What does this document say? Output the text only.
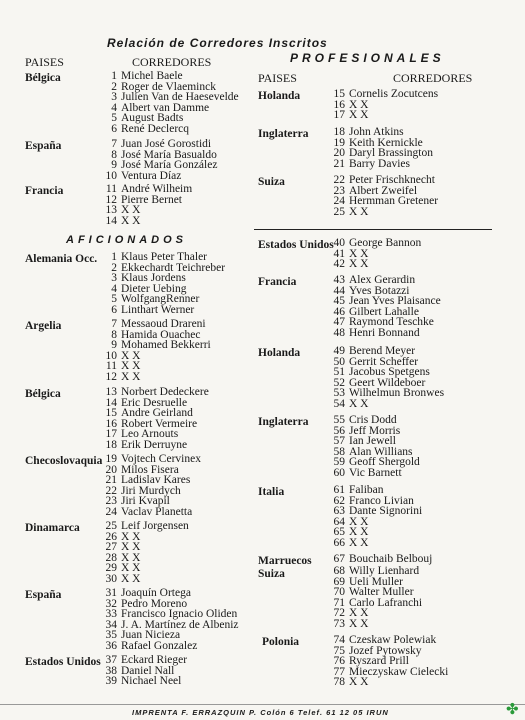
Relación de Corredores Inscritos
PROFESIONALES
PAISES	CORREDORES
PAISES	CORREDORES
Bélgica	1 Michel Baele
2 Roger de Vlaeminck
3 Julien Van de Haesevelde
4 Albert van Damme
5 August Badts
6 René Declercq
España	7 Juan José Gorostidi
8 José María Basualdo
9 José María González
10 Ventura Díaz
Francia	11 André Wilheim
12 Pierre Bernet
13 X X
14 X X
AFICIONADOS
Alemania Occ.	1 Klaus Peter Thaler
2 Ekkechardt Teichreber
3 Klaus Jordens
4 Dieter Uebing
5 WolfgangRenner
6 Linthart Werner
Argelia	7 Messaoud Drareni
8 Hamida Ouachec
9 Mohamed Bekkerri
10 X X
11 X X
12 X X
Bélgica	13 Norbert Dedeckere
14 Eric Desruelle
15 Andre Geirland
16 Robert Vermeire
17 Leo Arnouts
18 Erik Derruyne
Checoslovaquia 19 Vojtech Cervinex
20 Milos Fisera
21 Ladislav Kares
22 Jiri Murdych
23 Jiri Kvapil
24 Vaclav Planetta
Dinamarca	25 Leif Jorgensen
26 X X
27 X X
28 X X
29 X X
30 X X
España	31 Joaquín Ortega
32 Pedro Moreno
33 Francisco Ignacio Oliden
34 J. A. Martínez de Albeniz
35 Juan Nicieza
36 Rafael Gonzalez
Estados Unidos 37 Eckard Rieger
38 Daniel Nall
39 Nichael Neel
Holanda	15 Cornelis Zocutcens
16 X X
17 X X
Inglaterra	18 John Atkins
19 Keith Kernickle
20 Daryl Brassington
21 Barry Davies
Suiza	22 Peter Frischknecht
23 Albert Zweifel
24 Hermman Gretener
25 X X
Estados Unidos 40 George Bannon
41 X X
42 X X
Francia	43 Alex Gerardin
44 Yves Botazzi
45 Jean Yves Plaisance
46 Gilbert Lahalle
47 Raymond Teschke
48 Henri Bonnand
Holanda	49 Berend Meyer
50 Gerrit Scheffer
51 Jacobus Spetgens
52 Geert Wildeboer
53 Wilhelmun Bronwes
54 X X
Inglaterra	55 Cris Dodd
56 Jeff Morris
57 Ian Jewell
58 Alan Willians
59 Geoff Shergold
60 Vic Barnett
Italia	61 Faliban
62 Franco Livian
63 Dante Signorini
64 X X
65 X X
66 X X
Marruecos	67 Bouchaib Belbouj
Suiza	68 Willy Lienhard
69 Ueli Muller
70 Walter Muller
71 Carlo Lafranchi
72 X X
73 X X
Polonia	74 Czeskaw Polewiak
75 Jozef Pytowsky
76 Ryszard Prill
77 Mieczyskaw Cielecki
78 X X
IMPRENTA F. ERRAZQUIN P. Colón 6 Telef. 61 12 05 IRUN	✤
